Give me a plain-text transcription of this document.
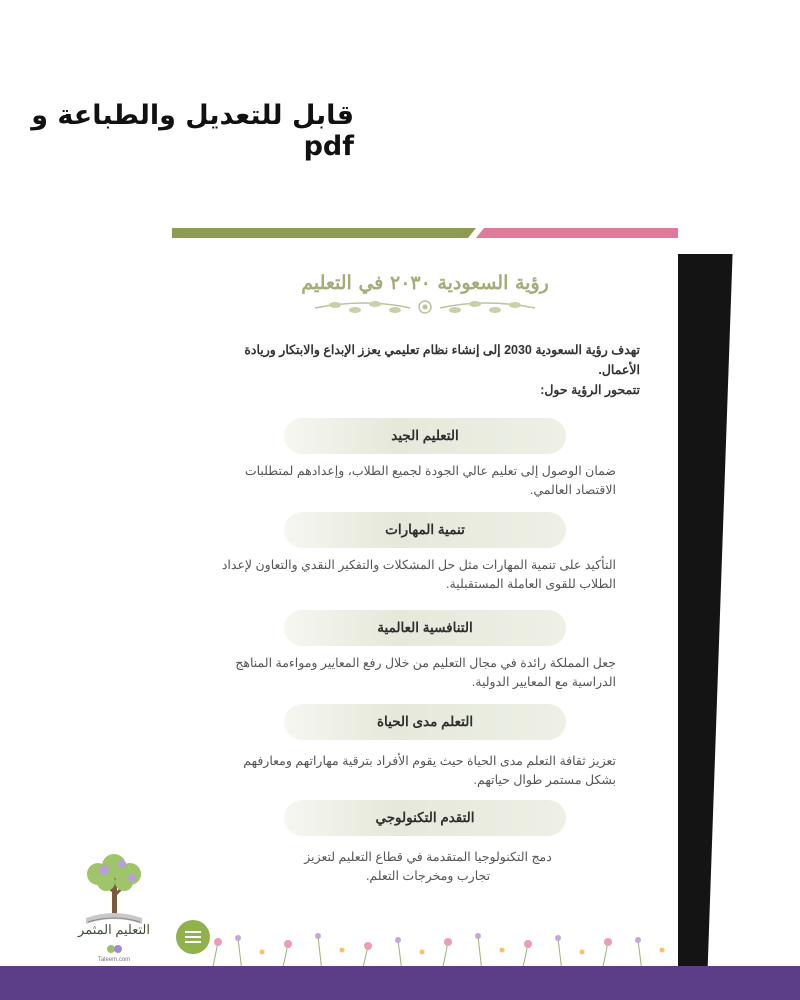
قابل للتعديل والطباعة و pdf
رؤية السعودية ٢٠٣٠ في التعليم
تهدف رؤية السعودية 2030 إلى إنشاء نظام تعليمي يعزز الإبداع والابتكار وريادة الأعمال.
تتمحور الرؤية حول:
التعليم الجيد
ضمان الوصول إلى تعليم عالي الجودة لجميع الطلاب، وإعدادهم لمتطلبات الاقتصاد العالمي.
تنمية المهارات
التأكيد على تنمية المهارات مثل حل المشكلات والتفكير النقدي والتعاون لإعداد الطلاب للقوى العاملة المستقبلية.
التنافسية العالمية
جعل المملكة رائدة في مجال التعليم من خلال رفع المعايير ومواءمة المناهج الدراسية مع المعايير الدولية.
التعلم مدى الحياة
تعزيز ثقافة التعلم مدى الحياة حيث يقوم الأفراد بترقية مهاراتهم ومعارفهم بشكل مستمر طوال حياتهم.
التقدم التكنولوجي
دمج التكنولوجيا المتقدمة في قطاع التعليم لتعزيز تجارب ومخرجات التعلم.
التعليم المثمر
Taleem.com
